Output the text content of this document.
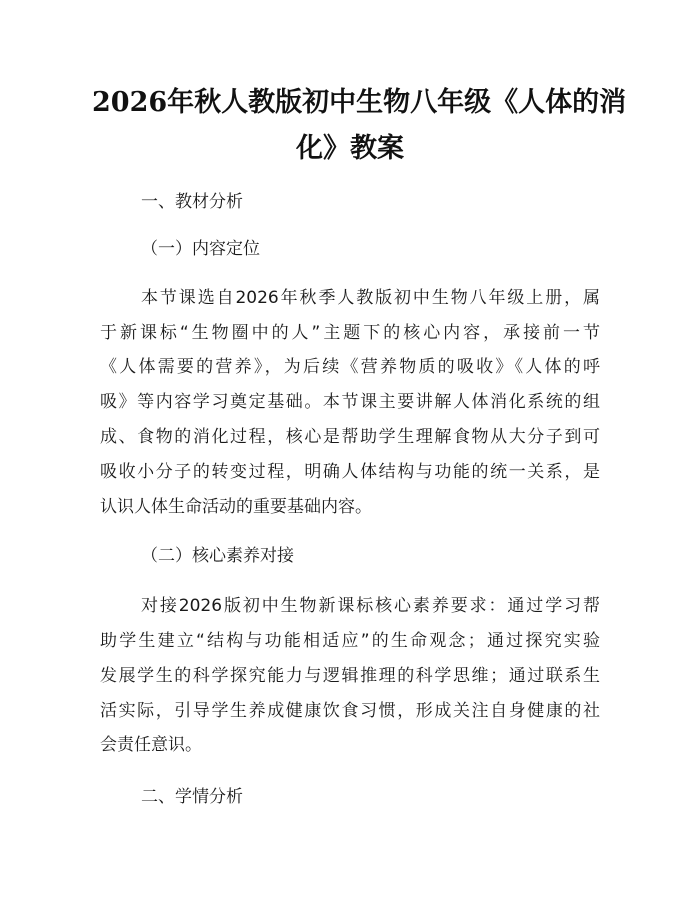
2026年秋人教版初中生物八年级《人体的消
化》教案
一、教材分析
（一）内容定位
本节课选自2026年秋季人教版初中生物八年级上册，属
于新课标“生物圈中的人”主题下的核心内容，承接前一节
《人体需要的营养》，为后续《营养物质的吸收》《人体的呼
吸》等内容学习奠定基础。本节课主要讲解人体消化系统的组
成、食物的消化过程，核心是帮助学生理解食物从大分子到可
吸收小分子的转变过程，明确人体结构与功能的统一关系，是
认识人体生命活动的重要基础内容。
（二）核心素养对接
对接2026版初中生物新课标核心素养要求：通过学习帮
助学生建立“结构与功能相适应”的生命观念；通过探究实验
发展学生的科学探究能力与逻辑推理的科学思维；通过联系生
活实际，引导学生养成健康饮食习惯，形成关注自身健康的社
会责任意识。
二、学情分析
